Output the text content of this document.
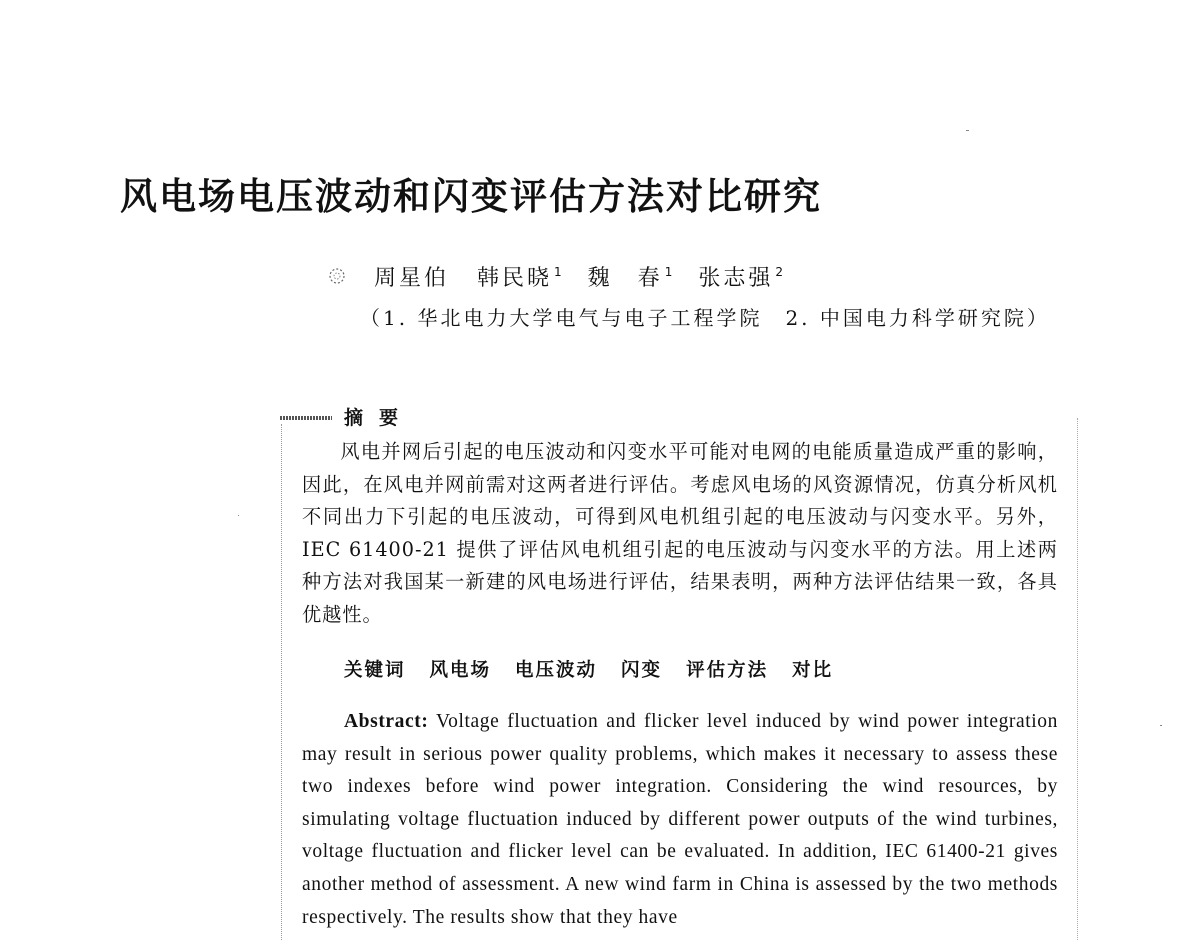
风电场电压波动和闪变评估方法对比研究
周星伯 韩民晓 $^1$ 魏　春 $^1$ 张志强 $^2$
（1. 华北电力大学电气与电子工程学院　2. 中国电力科学研究院）
摘要

风电并网后引起的电压波动和闪变水平可能对电网的电能质量造成严重的影响，因此，在风电并网前需对这两者进行评估。考虑风电场的风资源情况，仿真分析风机不同出力下引起的电压波动，可得到风电机组引起的电压波动与闪变水平。另外，IEC 61400-21 提供了评估风电机组引起的电压波动与闪变水平的方法。用上述两种方法对我国某一新建的风电场进行评估，结果表明，两种方法评估结果一致，各具优越性。

关键词 风电场 电压波动 闪变 评估方法 对比

Abstract: Voltage fluctuation and flicker level induced by wind power integration may result in serious power quality problems, which makes it necessary to assess these two indexes before wind power integration. Considering the wind resources, by simulating voltage fluctuation induced by different power outputs of the wind turbines, voltage fluctuation and flicker level can be evaluated. In addition, IEC 61400-21 gives another method of assessment. A new wind farm in China is assessed by the two methods respectively. The results show that they have
